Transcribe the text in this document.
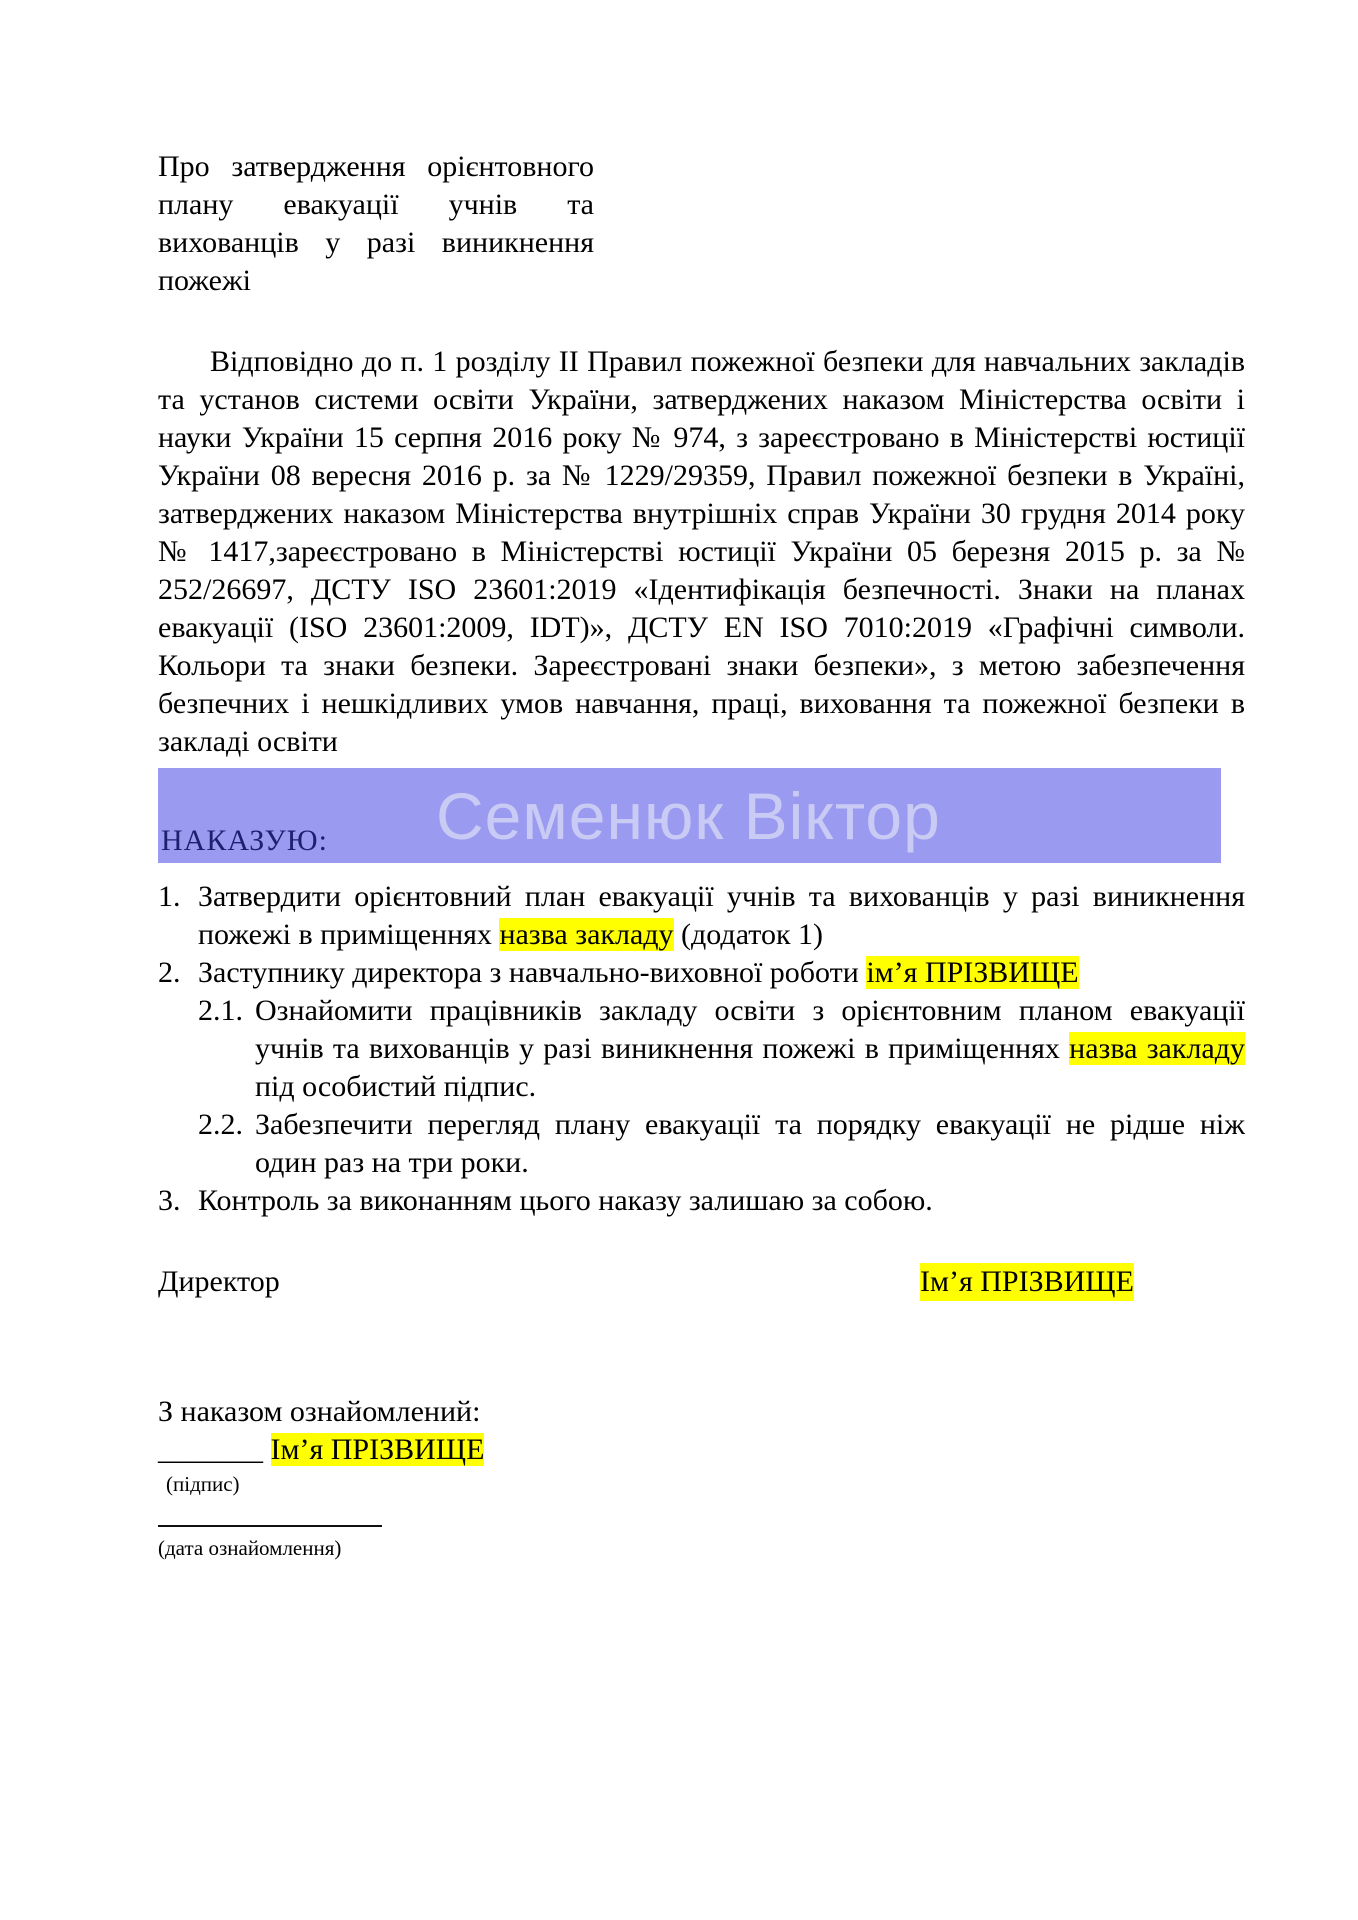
Про затвердження орієнтовного плану евакуації учнів та вихованців у разі виникнення пожежі
Відповідно до п. 1 розділу II Правил пожежної безпеки для навчальних закладів та установ системи освіти України, затверджених наказом Міністерства освіти і науки України 15 серпня 2016 року № 974, з зареєстровано в Міністерстві юстиції України 08 вересня 2016 р. за № 1229/29359, Правил пожежної безпеки в Україні, затверджених наказом Міністерства внутрішніх справ України 30 грудня 2014 року № 1417,зареєстровано в Міністерстві юстиції України 05 березня 2015 р. за № 252/26697, ДСТУ ISO 23601:2019 «Ідентифікація безпечності. Знаки на планах евакуації (ISO 23601:2009, IDT)», ДСТУ EN ISO 7010:2019 «Графічні символи. Кольори та знаки безпеки. Зареєстровані знаки безпеки», з метою забезпечення безпечних і нешкідливих умов навчання, праці, виховання та пожежної безпеки в закладі освіти
Семенюк Віктор
НАКАЗУЮ:
1. Затвердити орієнтовний план евакуації учнів та вихованців у разі виникнення пожежі в приміщеннях назва закладу (додаток 1)
2. Заступнику директора з навчально-виховної роботи ім’я ПРІЗВИЩЕ
2.1. Ознайомити працівників закладу освіти з орієнтовним планом евакуації учнів та вихованців у разі виникнення пожежі в приміщеннях назва закладу під особистий підпис.
2.2. Забезпечити перегляд плану евакуації та порядку евакуації не рідше ніж один раз на три роки.
3. Контроль за виконанням цього наказу залишаю за собою.
Директор	Ім’я ПРІЗВИЩЕ
З наказом ознайомлений:
_______ Ім’я ПРІЗВИЩЕ
(підпис)
(дата ознайомлення)
